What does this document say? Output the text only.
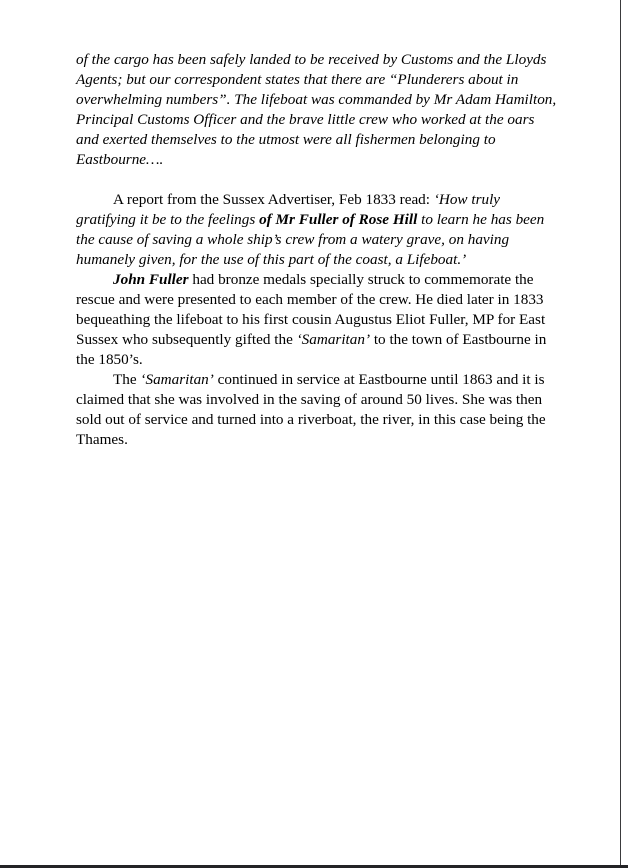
of the cargo has been safely landed to be received by Customs and the Lloyds Agents; but our correspondent states that there are “Plunderers about in overwhelming numbers”. The lifeboat was commanded by Mr Adam Hamilton, Principal Customs Officer and the brave little crew who worked at the oars and exerted themselves to the utmost were all fishermen belonging to Eastbourne….

A report from the Sussex Advertiser, Feb 1833 read: ‘How truly gratifying it be to the feelings of Mr Fuller of Rose Hill to learn he has been the cause of saving a whole ship’s crew from a watery grave, on having humanely given, for the use of this part of the coast, a Lifeboat.’

John Fuller had bronze medals specially struck to commemorate the rescue and were presented to each member of the crew. He died later in 1833 bequeathing the lifeboat to his first cousin Augustus Eliot Fuller, MP for East Sussex who subsequently gifted the ‘Samaritan’ to the town of Eastbourne in the 1850’s.

The ‘Samaritan’ continued in service at Eastbourne until 1863 and it is claimed that she was involved in the saving of around 50 lives. She was then sold out of service and turned into a riverboat, the river, in this case being the Thames.
